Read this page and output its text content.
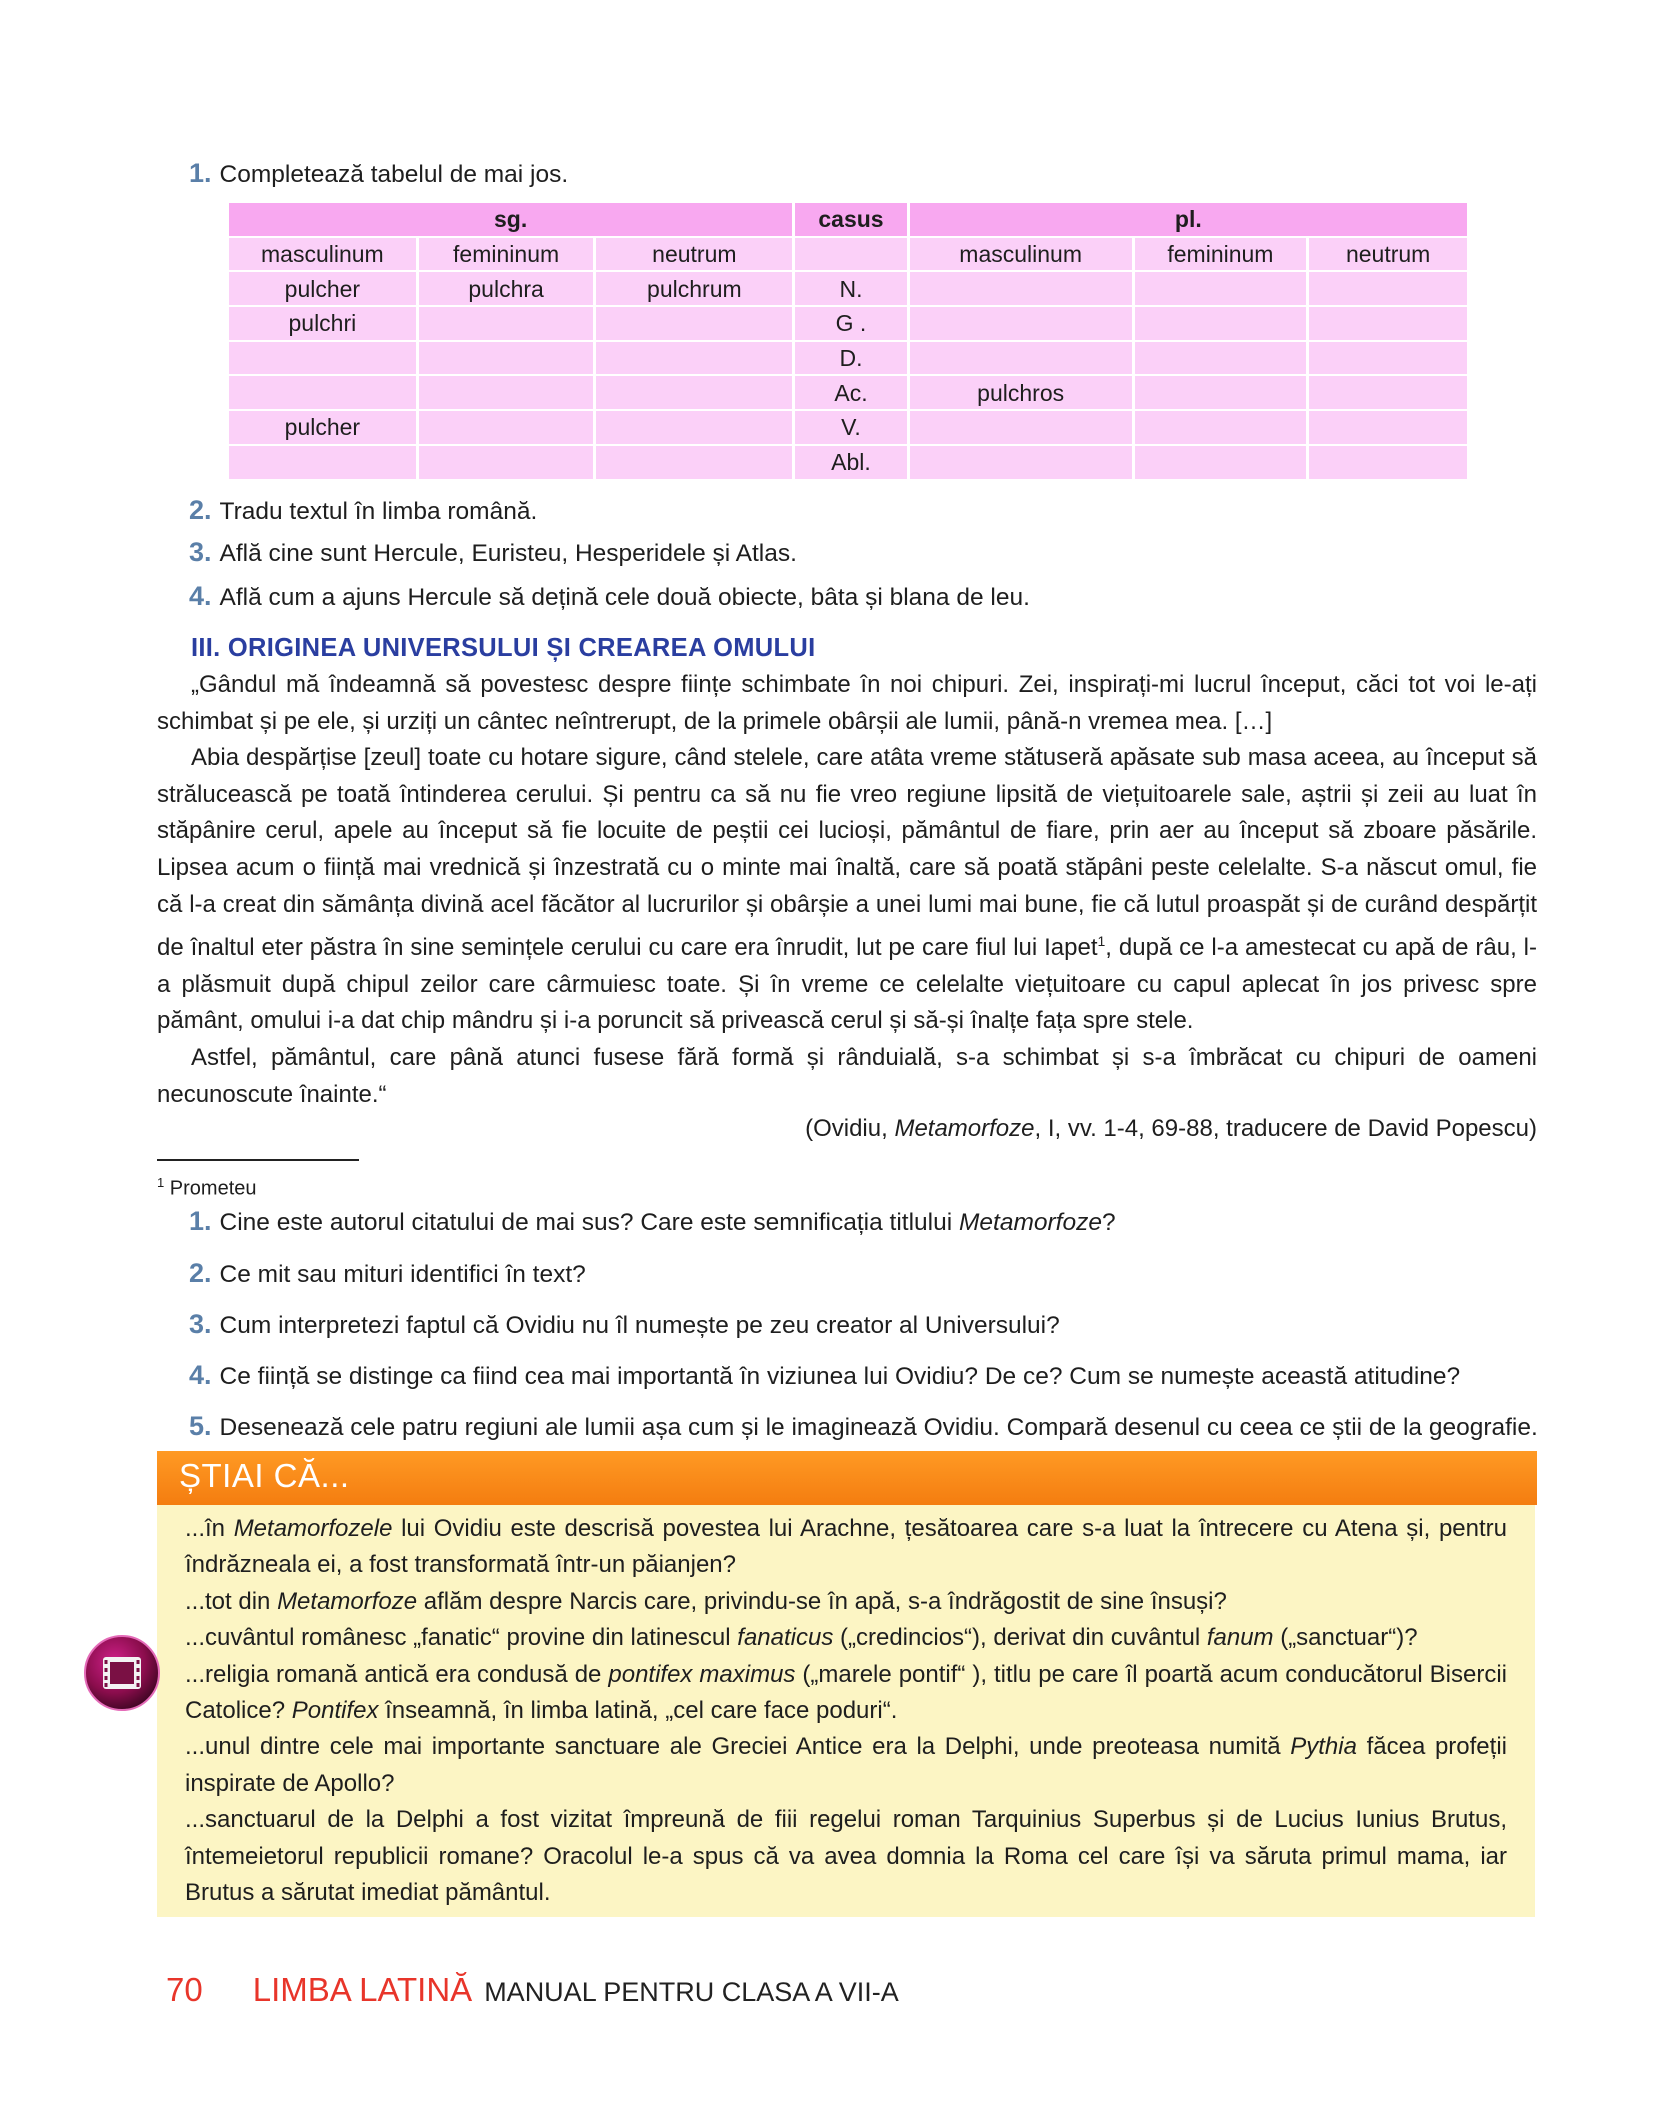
1. Completează tabelul de mai jos.
sg.			casus	pl.		
masculinum	femininum	neutrum		masculinum	femininum	neutrum
pulcher	pulchra	pulchrum	N.			
pulchri			G .			
			D.			
			Ac.	pulchros		
pulcher			V.			
			Abl.			
2. Tradu textul în limba română.
3. Află cine sunt Hercule, Euristeu, Hesperidele și Atlas.
4. Află cum a ajuns Hercule să dețină cele două obiecte, bâta și blana de leu.
III. ORIGINEA UNIVERSULUI ȘI CREAREA OMULUI

„Gândul mă îndeamnă să povestesc despre ființe schimbate în noi chipuri. Zei, inspirați-mi lucrul început, căci tot voi le-ați schimbat și pe ele, și urziți un cântec neîntrerupt, de la primele obârșii ale lumii, până-n vremea mea. […]

Abia despărțise [zeul] toate cu hotare sigure, când stelele, care atâta vreme stătuseră apăsate sub masa aceea, au început să strălucească pe toată întinderea cerului. Și pentru ca să nu fie vreo regiune lipsită de viețuitoarele sale, aștrii și zeii au luat în stăpânire cerul, apele au început să fie locuite de peștii cei lucioși, pământul de fiare, prin aer au început să zboare păsările. Lipsea acum o ființă mai vrednică și înzestrată cu o minte mai înaltă, care să poată stăpâni peste celelalte. S-a născut omul, fie că l-a creat din sămânța divină acel făcător al lucrurilor și obârșie a unei lumi mai bune, fie că lutul proaspăt și de curând despărțit de înaltul eter păstra în sine semințele cerului cu care era înrudit, lut pe care fiul lui Iapet$^1$, după ce l-a amestecat cu apă de râu, l-a plăsmuit după chipul zeilor care cârmuiesc toate. Și în vreme ce celelalte viețuitoare cu capul aplecat în jos privesc spre pământ, omului i-a dat chip mândru și i-a poruncit să privească cerul și să-și înalțe fața spre stele.

Astfel, pământul, care până atunci fusese fără formă și rânduială, s-a schimbat și s-a îmbrăcat cu chipuri de oameni necunoscute înainte.“

(Ovidiu, Metamorfoze, I, vv. 1-4, 69-88, traducere de David Popescu)
$^1$ Prometeu
1. Cine este autorul citatului de mai sus? Care este semnificația titlului Metamorfoze?
2. Ce mit sau mituri identifici în text?
3. Cum interpretezi faptul că Ovidiu nu îl numește pe zeu creator al Universului?
4. Ce ființă se distinge ca fiind cea mai importantă în viziunea lui Ovidiu? De ce? Cum se numește această atitudine?
5. Desenează cele patru regiuni ale lumii așa cum și le imaginează Ovidiu. Compară desenul cu ceea ce știi de la geografie.
ȘTIAI CĂ...

...în Metamorfozele lui Ovidiu este descrisă povestea lui Arachne, țesătoarea care s-a luat la întrecere cu Atena și, pentru îndrăzneala ei, a fost transformată într-un păianjen?

...tot din Metamorfoze aflăm despre Narcis care, privindu-se în apă, s-a îndrăgostit de sine însuși?

...cuvântul românesc „fanatic“ provine din latinescul fanaticus („credincios“), derivat din cuvântul fanum („sanctuar“)?

...religia romană antică era condusă de pontifex maximus („marele pontif“ ), titlu pe care îl poartă acum conducătorul Bisercii Catolice? Pontifex înseamnă, în limba latină, „cel care face poduri“.

...unul dintre cele mai importante sanctuare ale Greciei Antice era la Delphi, unde preoteasa numită Pythia făcea profeții inspirate de Apollo?

...sanctuarul de la Delphi a fost vizitat împreună de fiii regelui roman Tarquinius Superbus și de Lucius Iunius Brutus, întemeietorul republicii romane? Oracolul le-a spus că va avea domnia la Roma cel care își va săruta primul mama, iar Brutus a sărutat imediat pământul.

70 LIMBA LATINĂ MANUAL PENTRU CLASA A VII-A
